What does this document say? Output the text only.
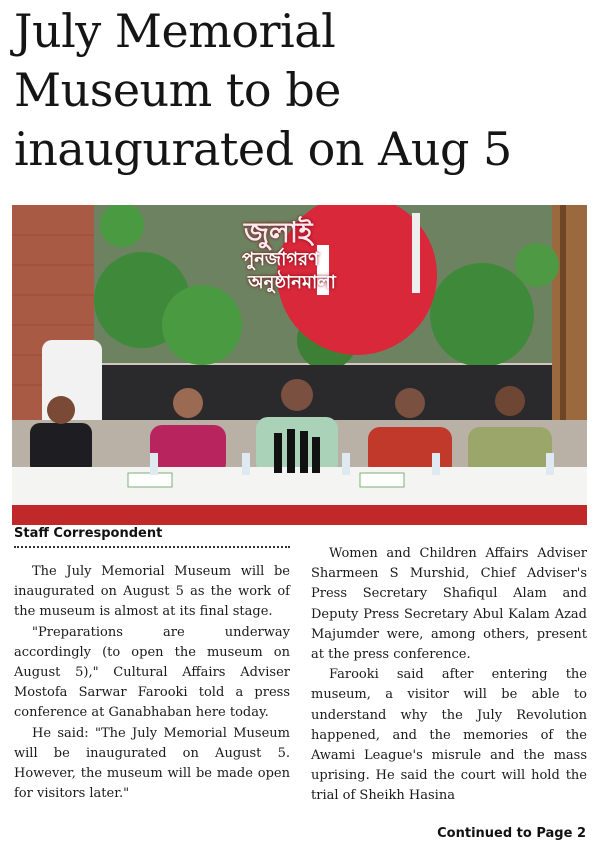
July Memorial
Museum to be
inaugurated on Aug 5
জুলাই
পুনর্জাগরণ
অনুষ্ঠানমালা

Staff Correspondent

The July Memorial Museum will be inaugurated on August 5 as the work of the museum is almost at its final stage.

"Preparations are underway accordingly (to open the museum on August 5)," Cultural Affairs Adviser Mostofa Sarwar Farooki told a press conference at Ganabhaban here today.

He said: "The July Memorial Museum will be inaugurated on August 5. However, the museum will be made open for visitors later."

Women and Children Affairs Adviser Sharmeen S Murshid, Chief Adviser's Press Secretary Shafiqul Alam and Deputy Press Secretary Abul Kalam Azad Majumder were, among others, present at the press conference.

Farooki said after entering the museum, a visitor will be able to understand why the July Revolution happened, and the memories of the Awami League's misrule and the mass uprising. He said the court will hold the trial of Sheikh Hasina

Continued to Page 2
